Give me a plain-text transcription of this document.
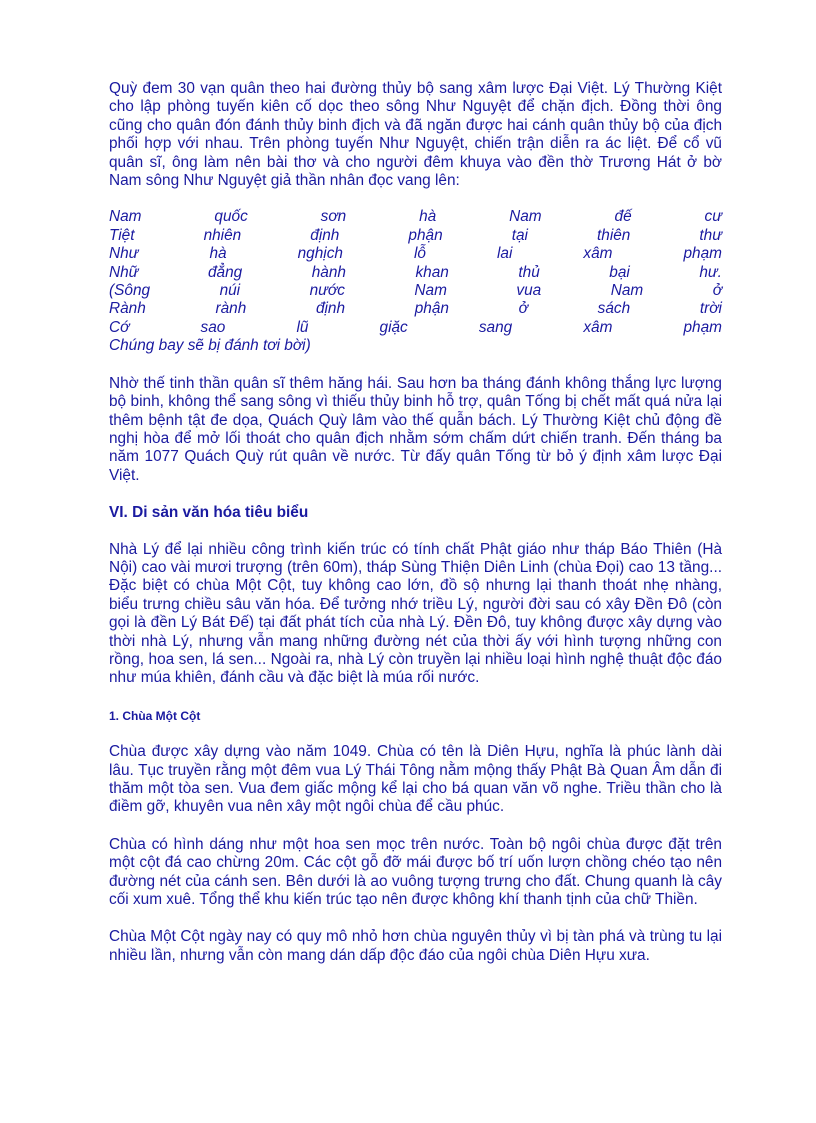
Quỳ đem 30 vạn quân theo hai đường thủy bộ sang xâm lược Đại Việt. Lý Thường Kiệt cho lập phòng tuyến kiên cố dọc theo sông Như Nguyệt để chặn địch. Đồng thời ông cũng cho quân đón đánh thủy binh địch và đã ngăn được hai cánh quân thủy bộ của địch phối hợp với nhau. Trên phòng tuyến Như Nguyệt, chiến trận diễn ra ác liệt. Để cổ vũ quân sĩ, ông làm nên bài thơ và cho người đêm khuya vào đền thờ Trương Hát ở bờ Nam sông Như Nguyệt giả thần nhân đọc vang lên:

Nam	quốc	sơn	hà	Nam	đế	cư
Tiệt	nhiên	định	phận	tại	thiên	thư
Như	hà	nghịch	lỗ	lai	xâm	phạm
Nhữ	đẳng	hành	khan	thủ	bại	hư.
(Sông	núi	nước	Nam	vua	Nam	ở
Rành	rành	định	phận	ở	sách	trời
Cớ	sao	lũ	giặc	sang	xâm	phạm
Chúng bay sẽ bị đánh tơi bời)

Nhờ thế tinh thần quân sĩ thêm hăng hái. Sau hơn ba tháng đánh không thắng lực lượng bộ binh, không thể sang sông vì thiếu thủy binh hỗ trợ, quân Tống bị chết mất quá nửa lại thêm bệnh tật đe dọa, Quách Quỳ lâm vào thế quẫn bách. Lý Thường Kiệt chủ động đề nghị hòa để mở lối thoát cho quân địch nhằm sớm chấm dứt chiến tranh. Đến tháng ba năm 1077 Quách Quỳ rút quân về nước. Từ đấy quân Tống từ bỏ ý định xâm lược Đại Việt.

VI. Di sản văn hóa tiêu biểu

Nhà Lý để lại nhiều công trình kiến trúc có tính chất Phật giáo như tháp Báo Thiên (Hà Nội) cao vài mươi trượng (trên 60m), tháp Sùng Thiện Diên Linh (chùa Đọi) cao 13 tầng... Đặc biệt có chùa Một Cột, tuy không cao lớn, đồ sộ nhưng lại thanh thoát nhẹ nhàng, biểu trưng chiều sâu văn hóa. Để tưởng nhớ triều Lý, người đời sau có xây Đền Đô (còn gọi là đền Lý Bát Đế) tại đất phát tích của nhà Lý. Đền Đô, tuy không được xây dựng vào thời nhà Lý, nhưng vẫn mang những đường nét của thời ấy với hình tượng những con rồng, hoa sen, lá sen... Ngoài ra, nhà Lý còn truyền lại nhiều loại hình nghệ thuật độc đáo như múa khiên, đánh cầu và đặc biệt là múa rối nước.

1. Chùa Một Cột

Chùa được xây dựng vào năm 1049. Chùa có tên là Diên Hựu, nghĩa là phúc lành dài lâu. Tục truyền rằng một đêm vua Lý Thái Tông nằm mộng thấy Phật Bà Quan Âm dẫn đi thăm một tòa sen. Vua đem giấc mộng kể lại cho bá quan văn võ nghe. Triều thần cho là điềm gỡ, khuyên vua nên xây một ngôi chùa để cầu phúc.

Chùa có hình dáng như một hoa sen mọc trên nước. Toàn bộ ngôi chùa được đặt trên một cột đá cao chừng 20m. Các cột gỗ đỡ mái được bố trí uốn lượn chồng chéo tạo nên đường nét của cánh sen. Bên dưới là ao vuông tượng trưng cho đất. Chung quanh là cây cối xum xuê. Tổng thể khu kiến trúc tạo nên được không khí thanh tịnh của chữ Thiền.

Chùa Một Cột ngày nay có quy mô nhỏ hơn chùa nguyên thủy vì bị tàn phá và trùng tu lại nhiều lần, nhưng vẫn còn mang dán dấp độc đáo của ngôi chùa Diên Hựu xưa.
